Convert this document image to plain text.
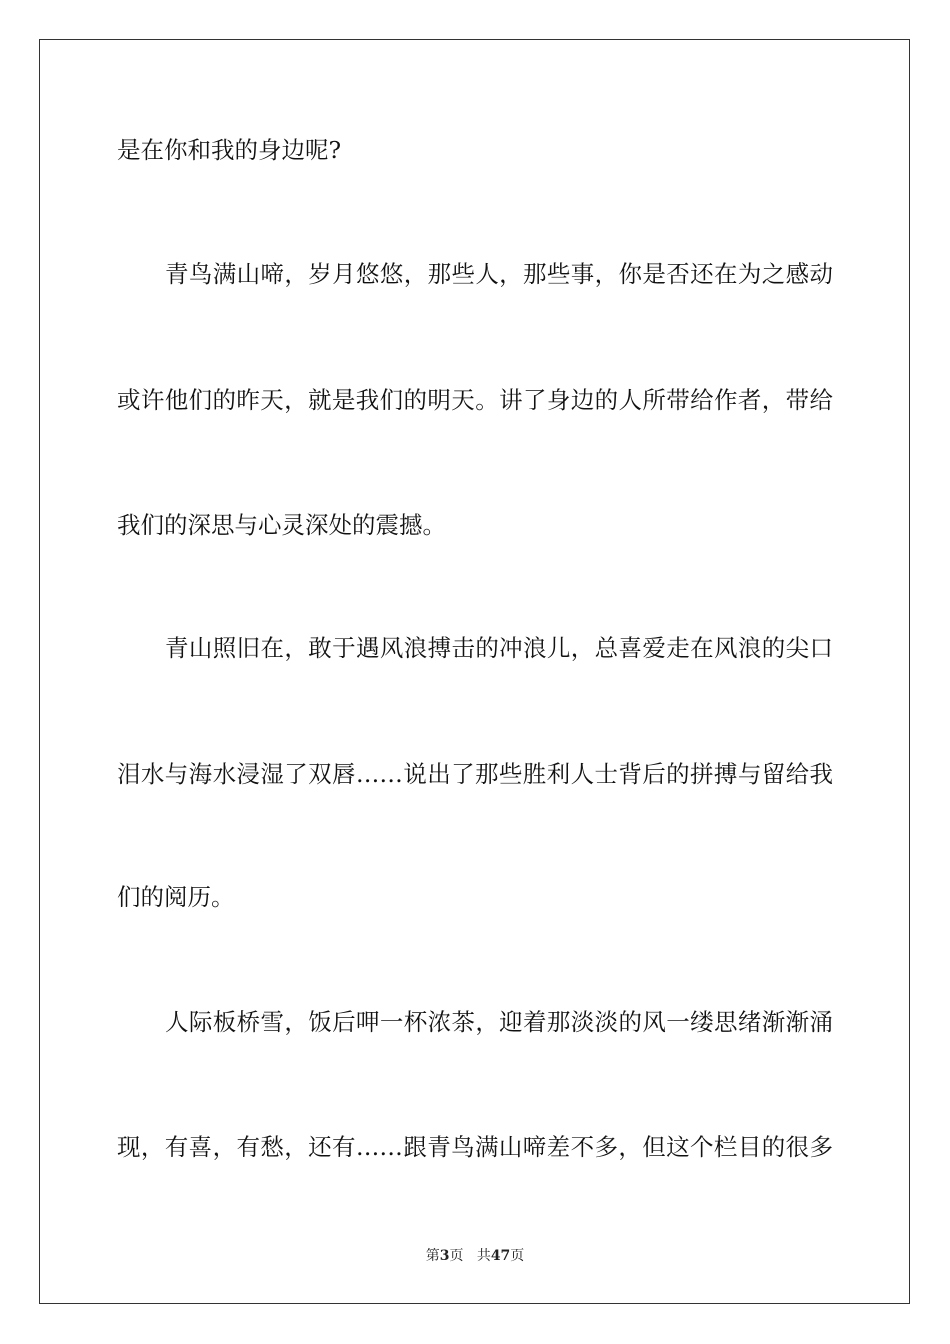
是在你和我的身边呢?
青鸟满山啼，岁月悠悠，那些人，那些事，你是否还在为之感动
或许他们的昨天，就是我们的明天。讲了身边的人所带给作者，带给
我们的深思与心灵深处的震撼。
青山照旧在，敢于遇风浪搏击的冲浪儿，总喜爱走在风浪的尖口
泪水与海水浸湿了双唇……说出了那些胜利人士背后的拼搏与留给我
们的阅历。
人际板桥雪，饭后呷一杯浓茶，迎着那淡淡的风一缕思绪渐渐涌
现，有喜，有愁，还有……跟青鸟满山啼差不多，但这个栏目的很多
第3页 共47页
